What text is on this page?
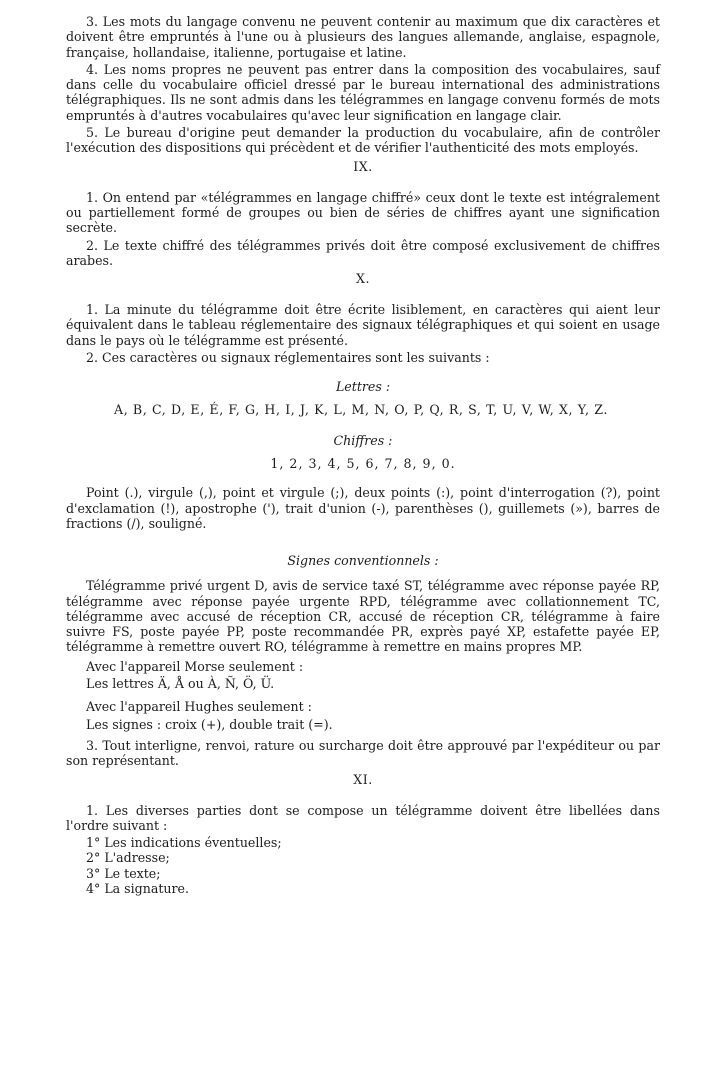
3. Les mots du langage convenu ne peuvent contenir au maximum que dix caractères et doivent être empruntés à l'une ou à plusieurs des langues allemande, anglaise, espagnole, française, hollandaise, italienne, portugaise et latine.

4. Les noms propres ne peuvent pas entrer dans la composition des vocabulaires, sauf dans celle du vocabulaire officiel dressé par le bureau international des administrations télégraphiques. Ils ne sont admis dans les télégrammes en langage convenu formés de mots empruntés à d'autres vocabulaires qu'avec leur signification en langage clair.

5. Le bureau d'origine peut demander la production du vocabulaire, afin de contrôler l'exécution des dispositions qui précèdent et de vérifier l'authenticité des mots employés.

IX.

1. On entend par «télégrammes en langage chiffré» ceux dont le texte est intégralement ou partiellement formé de groupes ou bien de séries de chiffres ayant une signification secrète.

2. Le texte chiffré des télégrammes privés doit être composé exclusivement de chiffres arabes.

X.

1. La minute du télégramme doit être écrite lisiblement, en caractères qui aient leur équivalent dans le tableau réglementaire des signaux télégraphiques et qui soient en usage dans le pays où le télégramme est présenté.

2. Ces caractères ou signaux réglementaires sont les suivants :

Lettres :
A, B, C, D, E, É, F, G, H, I, J, K, L, M, N, O, P, Q, R, S, T, U, V, W, X, Y, Z.
Chiffres :
1, 2, 3, 4, 5, 6, 7, 8, 9, 0.

Point (.), virgule (,), point et virgule (;), deux points (:), point d'interrogation (?), point d'exclamation (!), apostrophe ('), trait d'union (-), parenthèses (), guillemets (»), barres de fractions (/), souligné.

Signes conventionnels :

Télégramme privé urgent D, avis de service taxé ST, télégramme avec réponse payée RP, télégramme avec réponse payée urgente RPD, télégramme avec collationnement TC, télégramme avec accusé de réception CR, accusé de réception CR, télégramme à faire suivre FS, poste payée PP, poste recommandée PR, exprès payé XP, estafette payée EP, télégramme à remettre ouvert RO, télégramme à remettre en mains propres MP.

Avec l'appareil Morse seulement :
Les lettres Ä, Å ou À, Ñ, Ö, Ü.
Avec l'appareil Hughes seulement :
Les signes : croix (+), double trait (=).

3. Tout interligne, renvoi, rature ou surcharge doit être approuvé par l'expéditeur ou par son représentant.

XI.

1. Les diverses parties dont se compose un télégramme doivent être libellées dans l'ordre suivant :

1° Les indications éventuelles;
2° L'adresse;
3° Le texte;
4° La signature.
